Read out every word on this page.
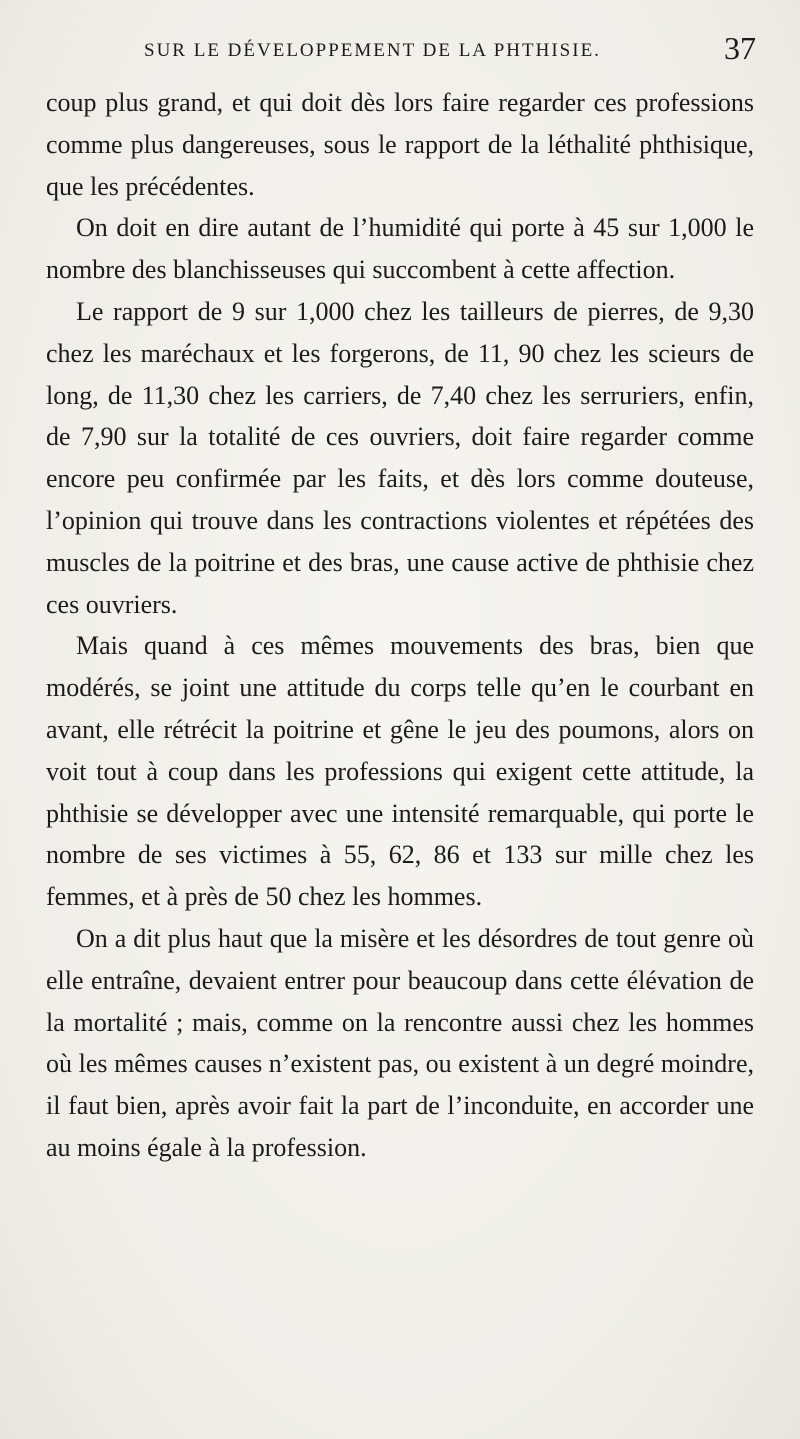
SUR LE DÉVELOPPEMENT DE LA PHTHISIE.	37

coup plus grand, et qui doit dès lors faire regarder ces professions comme plus dangereuses, sous le rapport de la léthalité phthisique, que les précédentes.

On doit en dire autant de l’humidité qui porte à 45 sur 1,000 le nombre des blanchisseuses qui succombent à cette affection.

Le rapport de 9 sur 1,000 chez les tailleurs de pierres, de 9,30 chez les maréchaux et les forgerons, de 11, 90 chez les scieurs de long, de 11,30 chez les carriers, de 7,40 chez les serruriers, enfin, de 7,90 sur la totalité de ces ouvriers, doit faire regarder comme encore peu confirmée par les faits, et dès lors comme douteuse, l’opinion qui trouve dans les contractions violentes et répétées des muscles de la poitrine et des bras, une cause active de phthisie chez ces ouvriers.

Mais quand à ces mêmes mouvements des bras, bien que modérés, se joint une attitude du corps telle qu’en le courbant en avant, elle rétrécit la poitrine et gêne le jeu des poumons, alors on voit tout à coup dans les professions qui exigent cette attitude, la phthisie se développer avec une intensité remarquable, qui porte le nombre de ses victimes à 55, 62, 86 et 133 sur mille chez les femmes, et à près de 50 chez les hommes.

On a dit plus haut que la misère et les désordres de tout genre où elle entraîne, devaient entrer pour beaucoup dans cette élévation de la mortalité ; mais, comme on la rencontre aussi chez les hommes où les mêmes causes n’existent pas, ou existent à un degré moindre, il faut bien, après avoir fait la part de l’inconduite, en accorder une au moins égale à la profession.
